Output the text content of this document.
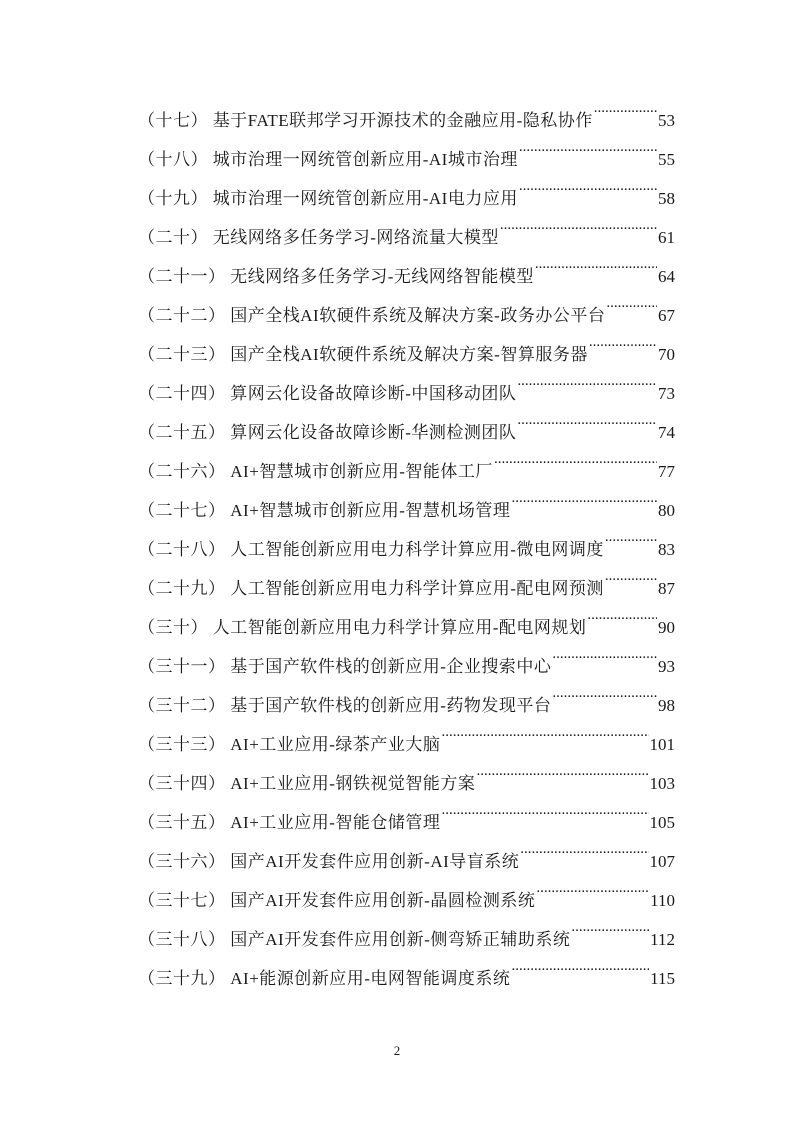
（十七） 基于FATE联邦学习开源技术的金融应用-隐私协作 .....	53
（十八） 城市治理一网统管创新应用-AI城市治理 .....	55
（十九） 城市治理一网统管创新应用-AI电力应用 .....	58
（二十） 无线网络多任务学习-网络流量大模型 .....	61
（二十一） 无线网络多任务学习-无线网络智能模型 .....	64
（二十二） 国产全栈AI软硬件系统及解决方案-政务办公平台 .....	67
（二十三） 国产全栈AI软硬件系统及解决方案-智算服务器 .....	70
（二十四） 算网云化设备故障诊断-中国移动团队 .....	73
（二十五） 算网云化设备故障诊断-华测检测团队 .....	74
（二十六） AI+智慧城市创新应用-智能体工厂 .....	77
（二十七） AI+智慧城市创新应用-智慧机场管理 .....	80
（二十八） 人工智能创新应用电力科学计算应用-微电网调度 .....	83
（二十九） 人工智能创新应用电力科学计算应用-配电网预测 .....	87
（三十） 人工智能创新应用电力科学计算应用-配电网规划 .....	90
（三十一） 基于国产软件栈的创新应用-企业搜索中心 .....	93
（三十二） 基于国产软件栈的创新应用-药物发现平台 .....	98
（三十三） AI+工业应用-绿茶产业大脑 .....	101
（三十四） AI+工业应用-钢铁视觉智能方案 .....	103
（三十五） AI+工业应用-智能仓储管理 .....	105
（三十六） 国产AI开发套件应用创新-AI导盲系统 .....	107
（三十七） 国产AI开发套件应用创新-晶圆检测系统 .....	110
（三十八） 国产AI开发套件应用创新-侧弯矫正辅助系统 .....	112
（三十九） AI+能源创新应用-电网智能调度系统 .....	115
2
